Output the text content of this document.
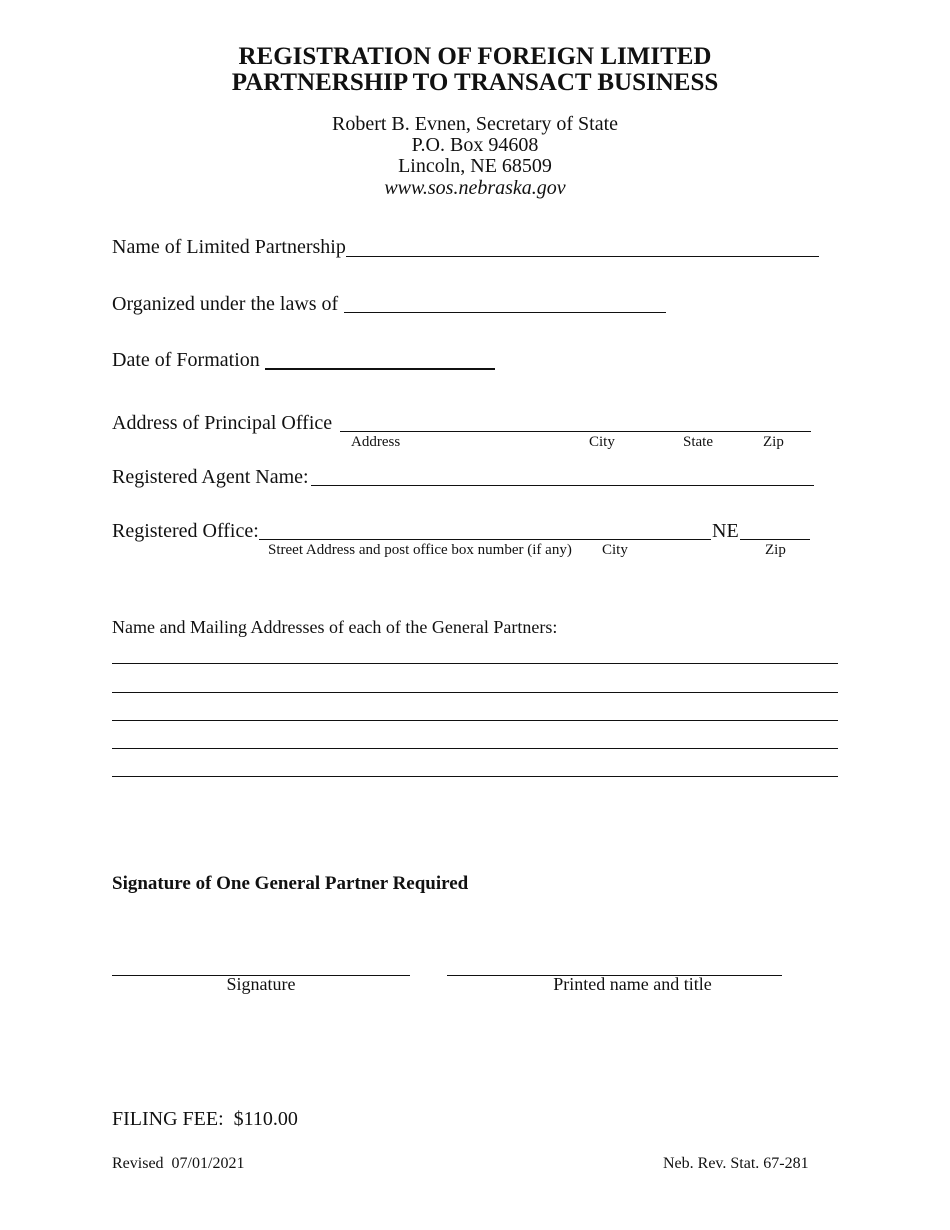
REGISTRATION OF FOREIGN LIMITED
PARTNERSHIP TO TRANSACT BUSINESS
Robert B. Evnen, Secretary of State
P.O. Box 94608
Lincoln, NE 68509
www.sos.nebraska.gov
Name of Limited Partnership
Organized under the laws of
Date of Formation
Address of Principal Office
Address	City	State	Zip
Registered Agent Name:
Registered Office:	NE
Street Address and post office box number (if any) City	Zip
Name and Mailing Addresses of each of the General Partners:
Signature of One General Partner Required
Signature	Printed name and title
FILING FEE: $110.00
Revised  07/01/2021	Neb. Rev. Stat. 67-281
